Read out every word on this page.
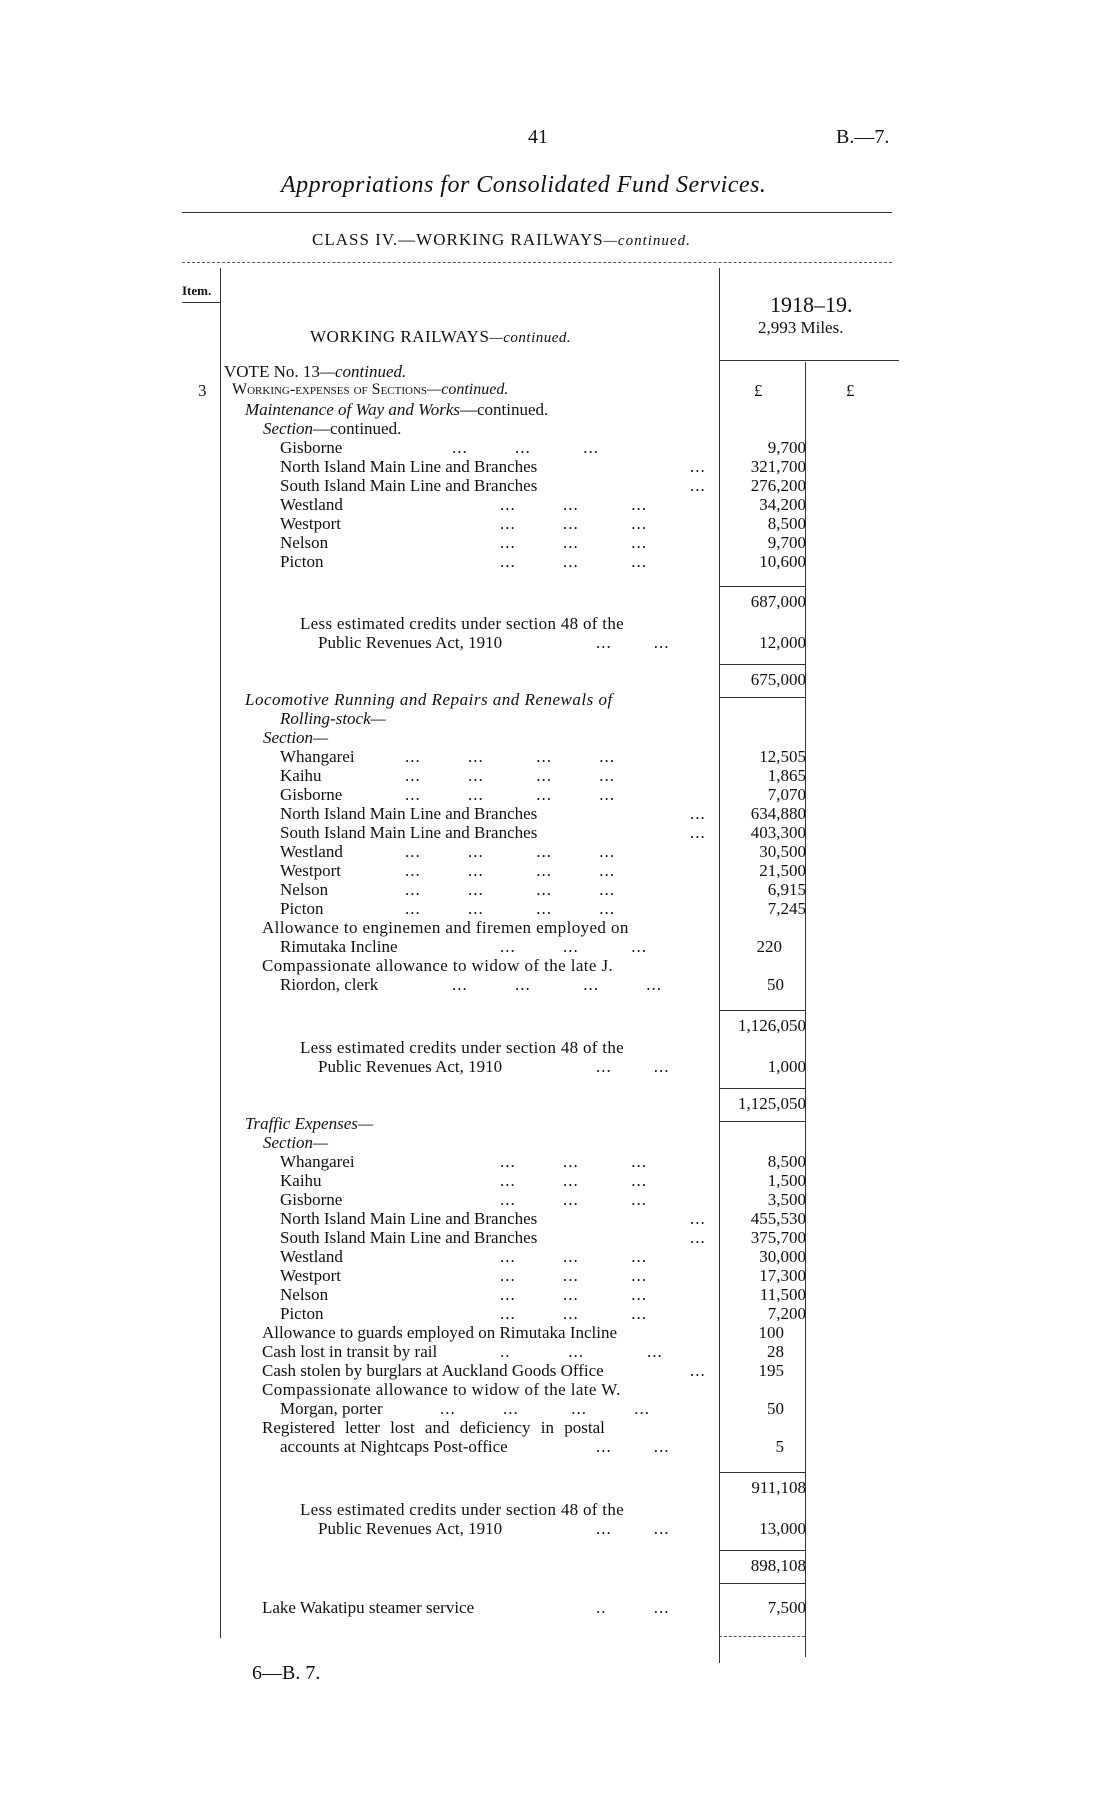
41	B.—7.
Appropriations for Consolidated Fund Services.
CLASS IV.—WORKING RAILWAYS—continued.
Item.
1918–19.
2,993 Miles.
WORKING RAILWAYS—continued.
VOTE No. 13—continued.
3 Working-expenses of Sections—continued.	£	£
Maintenance of Way and Works—continued.
Section—continued.
Gisborne	...         ...          ...	9,700
North Island Main Line and Branches	...	321,700
South Island Main Line and Branches	...	276,200
Westland	...         ...          ...	34,200
Westport	...         ...          ...	8,500
Nelson	...         ...          ...	9,700
Picton	...         ...          ...	10,600
687,000
Less estimated credits under section 48 of the
Public Revenues Act, 1910	...        ...	12,000
675,000
Locomotive Running and Repairs and Renewals of
Rolling-stock—
Section—
Whangarei	...         ...          ...         ...	12,505
Kaihu	...         ...          ...         ...	1,865
Gisborne	...         ...          ...         ...	7,070
North Island Main Line and Branches	...	634,880
South Island Main Line and Branches	...	403,300
Westland	...         ...          ...         ...	30,500
Westport	...         ...          ...         ...	21,500
Nelson	...         ...          ...         ...	6,915
Picton	...         ...          ...         ...	7,245
Allowance to enginemen and firemen employed on
Rimutaka Incline	...         ...          ...	220
Compassionate allowance to widow of the late J.
Riordon, clerk	...         ...          ...         ...	50
1,126,050
Less estimated credits under section 48 of the
Public Revenues Act, 1910	...        ...	1,000
1,125,050
Traffic Expenses—
Section—
Whangarei	...         ...          ...	8,500
Kaihu	...         ...          ...	1,500
Gisborne	...         ...          ...	3,500
North Island Main Line and Branches	...	455,530
South Island Main Line and Branches	...	375,700
Westland	...         ...          ...	30,000
Westport	...         ...          ...	17,300
Nelson	...         ...          ...	11,500
Picton	...         ...          ...	7,200
Allowance to guards employed on Rimutaka Incline	100
Cash lost in transit by rail	..           ...            ...	28
Cash stolen by burglars at Auckland Goods Office	...	195
Compassionate allowance to widow of the late W.
Morgan, porter	...         ...          ...         ...	50
Registered letter lost and deficiency in postal
accounts at Nightcaps Post-office	...        ...	5
911,108
Less estimated credits under section 48 of the
Public Revenues Act, 1910	...        ...	13,000
898,108
Lake Wakatipu steamer service	..         ...	7,500
6—B. 7.
